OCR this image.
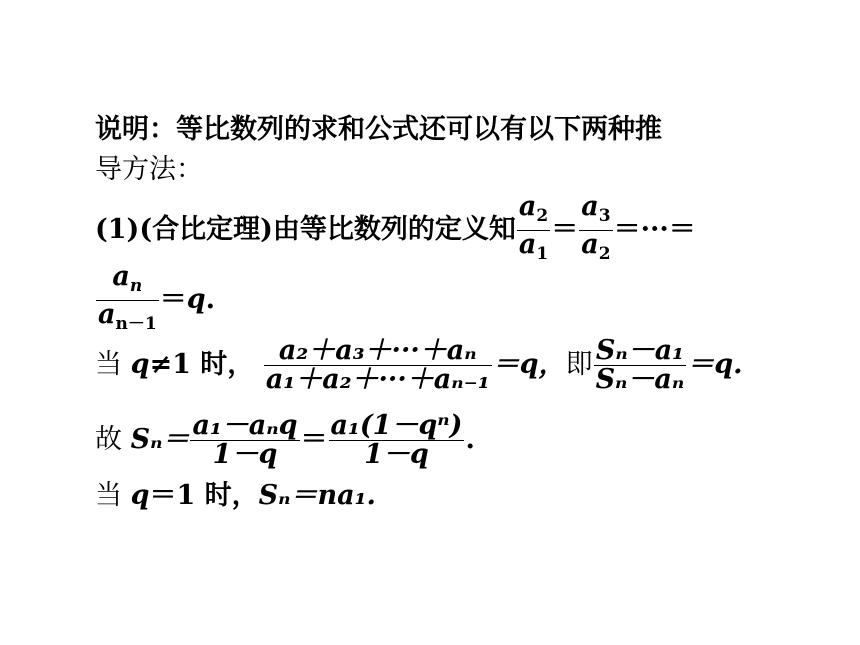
说明：等比数列的求和公式还可以有以下两种推
导方法：
(1)(合比定理)由等比数列的定义知 $\frac{a_2}{a_1} = \frac{a_3}{a_2}$ ＝···＝
$\frac{a_n}{a_{n-1}} =q$.
当 q≠1 时， $\frac{\text{a₂＋a₃＋···＋aₙ}}{\text{a₁＋a₂＋···＋aₙ₋₁}} =q$，即 $\frac{\text{Sₙ－a₁}}{\text{Sₙ－aₙ}} =q$.
故 $S_n= \frac{\text{a₁－aₙq}}{1-q} = \frac{\text{a₁(1－qⁿ)}}{1-q}$ .
当 q＝1 时，Sₙ＝na₁.
